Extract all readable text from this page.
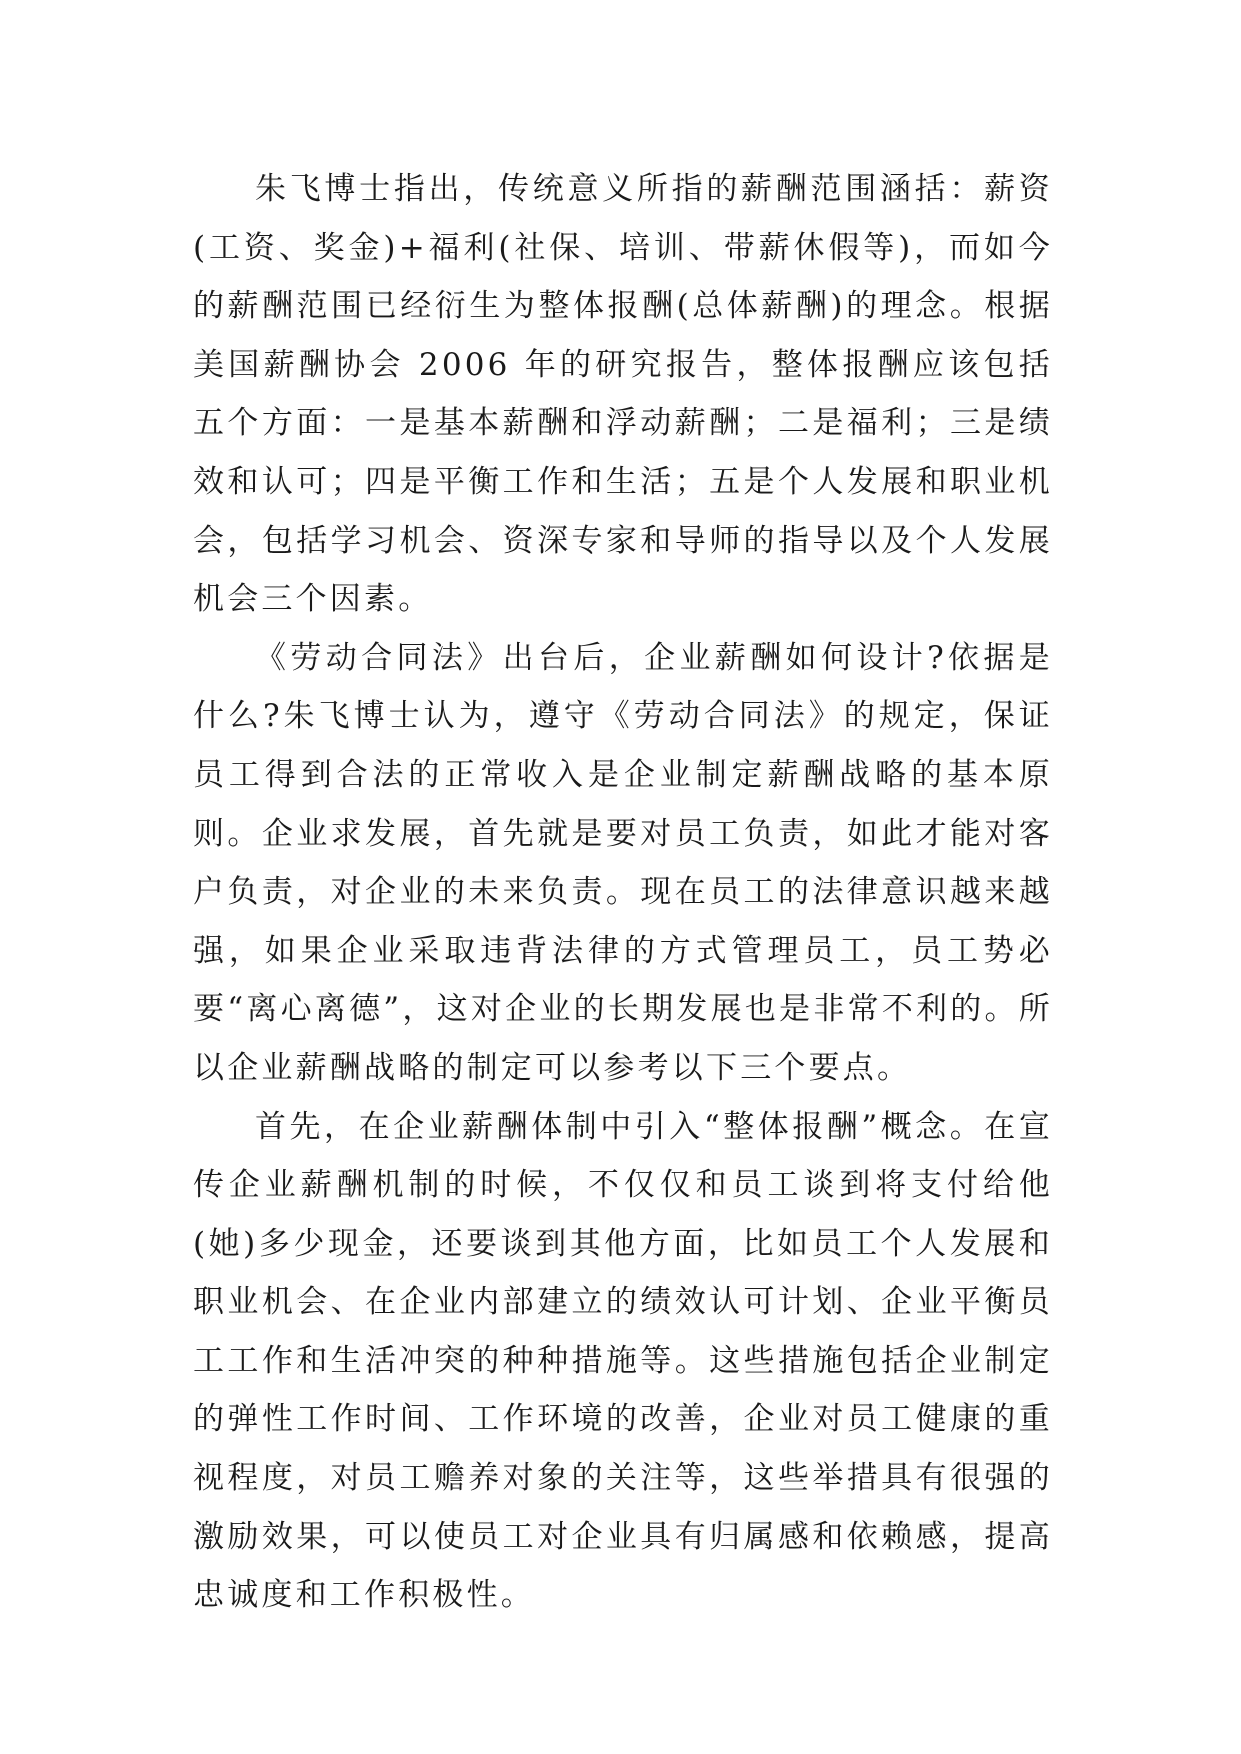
朱飞博士指出，传统意义所指的薪酬范围涵括：薪资(工资、奖金)+福利(社保、培训、带薪休假等)，而如今的薪酬范围已经衍生为整体报酬(总体薪酬)的理念。根据美国薪酬协会 2006 年的研究报告，整体报酬应该包括五个方面：一是基本薪酬和浮动薪酬；二是福利；三是绩效和认可；四是平衡工作和生活；五是个人发展和职业机会，包括学习机会、资深专家和导师的指导以及个人发展机会三个因素。

《劳动合同法》出台后，企业薪酬如何设计?依据是什么?朱飞博士认为，遵守《劳动合同法》的规定，保证员工得到合法的正常收入是企业制定薪酬战略的基本原则。企业求发展，首先就是要对员工负责，如此才能对客户负责，对企业的未来负责。现在员工的法律意识越来越强，如果企业采取违背法律的方式管理员工，员工势必要“离心离德”，这对企业的长期发展也是非常不利的。所以企业薪酬战略的制定可以参考以下三个要点。

首先，在企业薪酬体制中引入“整体报酬”概念。在宣传企业薪酬机制的时候，不仅仅和员工谈到将支付给他(她)多少现金，还要谈到其他方面，比如员工个人发展和职业机会、在企业内部建立的绩效认可计划、企业平衡员工工作和生活冲突的种种措施等。这些措施包括企业制定的弹性工作时间、工作环境的改善，企业对员工健康的重视程度，对员工赡养对象的关注等，这些举措具有很强的激励效果，可以使员工对企业具有归属感和依赖感，提高忠诚度和工作积极性。
